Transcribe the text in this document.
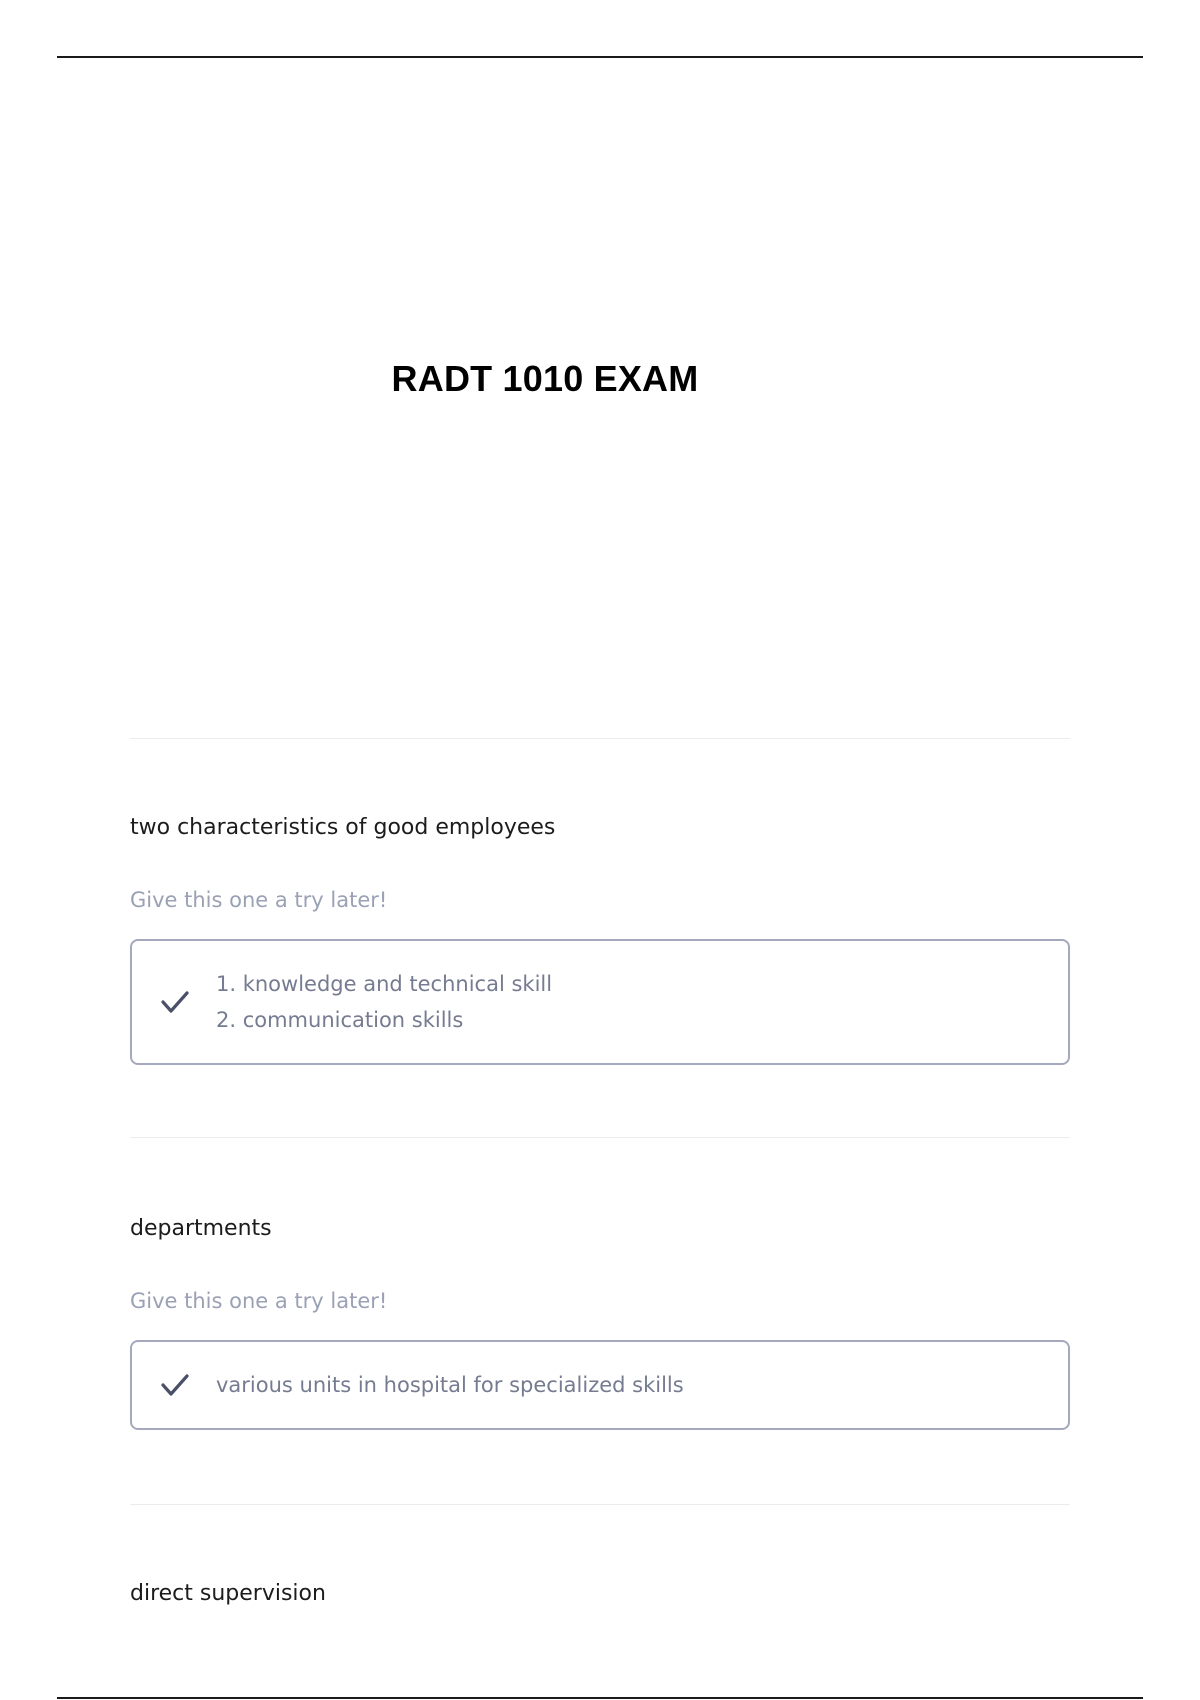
RADT 1010 EXAM

two characteristics of good employees

Give this one a try later!
1. knowledge and technical skill
2. communication skills

departments

Give this one a try later!
various units in hospital for specialized skills

direct supervision
